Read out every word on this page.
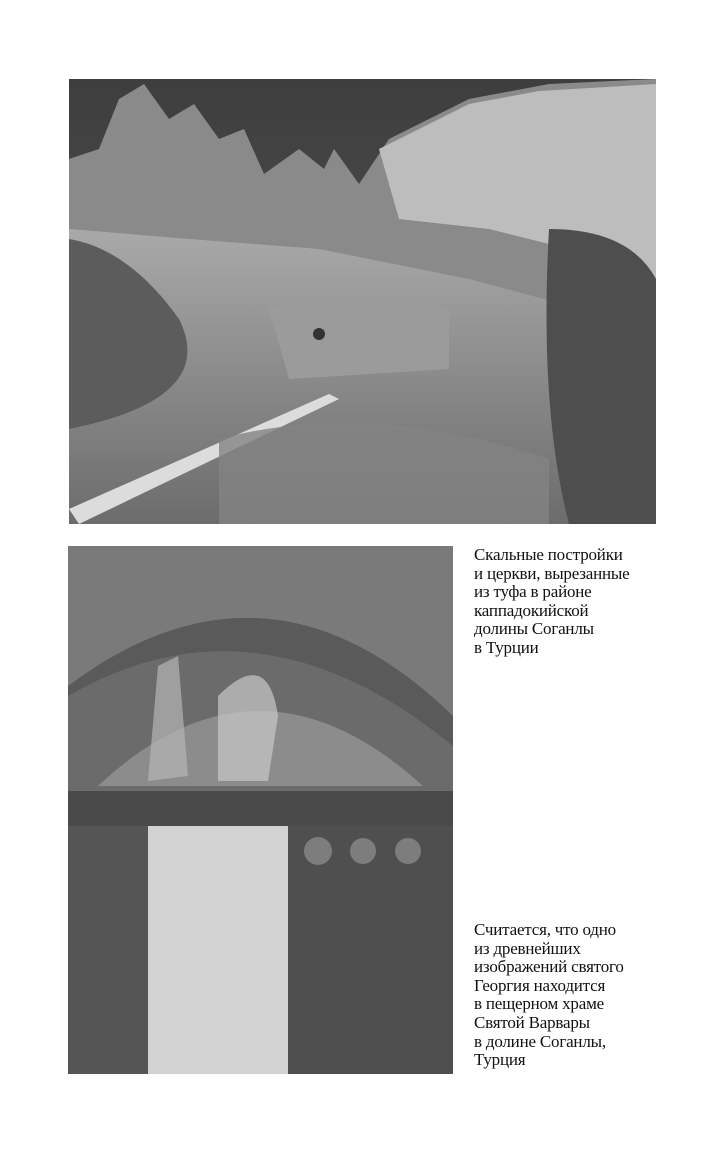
Скальные постройки
и церкви, вырезанные
из туфа в районе
каппадокийской
долины Соганлы
в Турции
Считается, что одно
из древнейших
изображений святого
Георгия находится
в пещерном храме
Святой Варвары
в долине Соганлы,
Турция
